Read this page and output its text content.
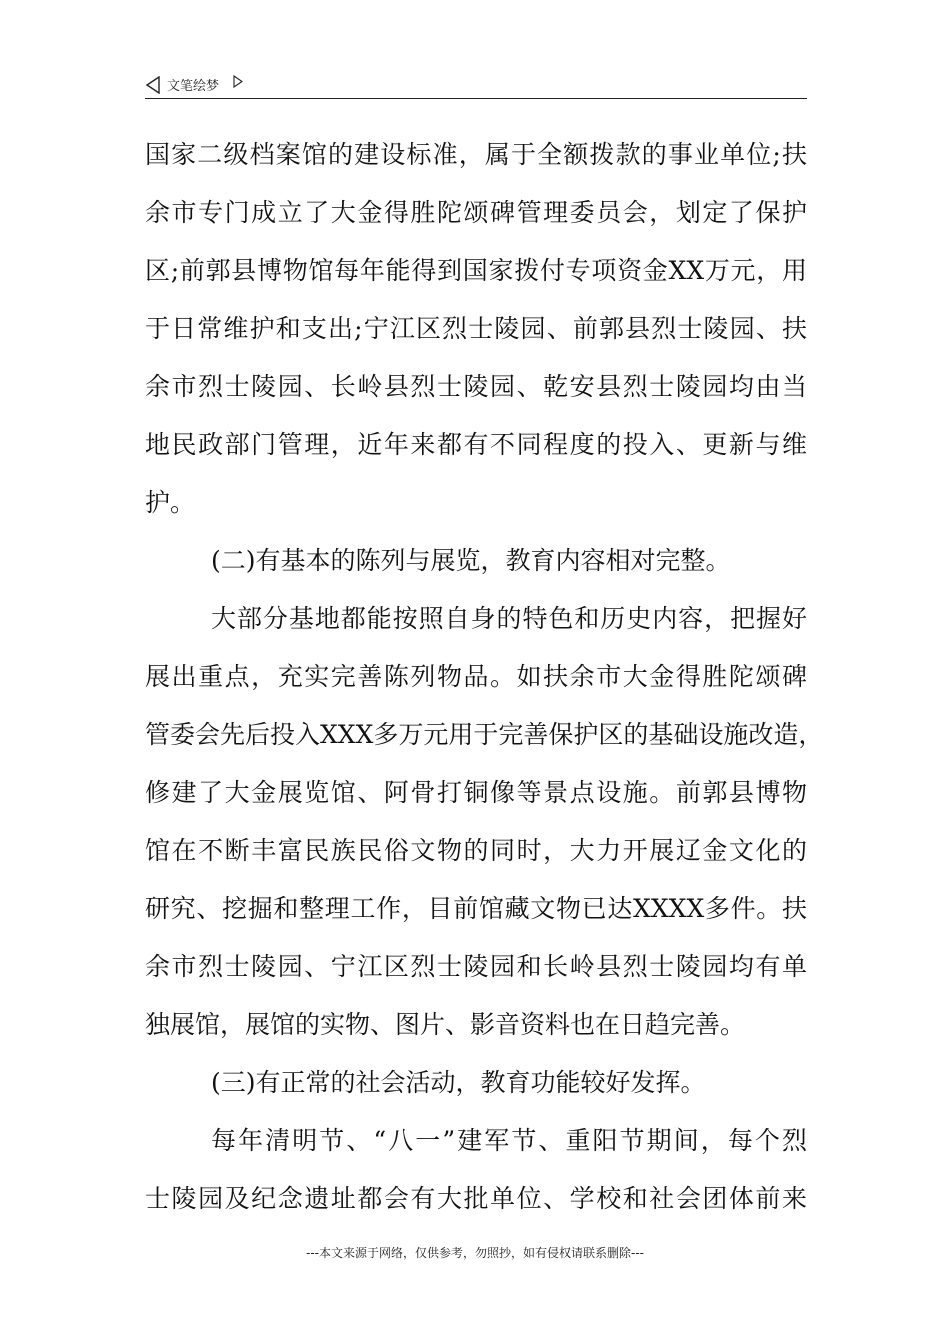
文笔绘梦
国家二级档案馆的建设标准，属于全额拨款的事业单位;扶
余市专门成立了大金得胜陀颂碑管理委员会，划定了保护
区;前郭县博物馆每年能得到国家拨付专项资金XX万元，用
于日常维护和支出;宁江区烈士陵园、前郭县烈士陵园、扶
余市烈士陵园、长岭县烈士陵园、乾安县烈士陵园均由当
地民政部门管理，近年来都有不同程度的投入、更新与维
护。
(二)有基本的陈列与展览，教育内容相对完整。
大部分基地都能按照自身的特色和历史内容，把握好
展出重点，充实完善陈列物品。如扶余市大金得胜陀颂碑
管委会先后投入XXX多万元用于完善保护区的基础设施改造，
修建了大金展览馆、阿骨打铜像等景点设施。前郭县博物
馆在不断丰富民族民俗文物的同时，大力开展辽金文化的
研究、挖掘和整理工作，目前馆藏文物已达XXXX多件。扶
余市烈士陵园、宁江区烈士陵园和长岭县烈士陵园均有单
独展馆，展馆的实物、图片、影音资料也在日趋完善。
(三)有正常的社会活动，教育功能较好发挥。
每年清明节、“八一”建军节、重阳节期间，每个烈
士陵园及纪念遗址都会有大批单位、学校和社会团体前来
---本文来源于网络，仅供参考，勿照抄，如有侵权请联系删除---
